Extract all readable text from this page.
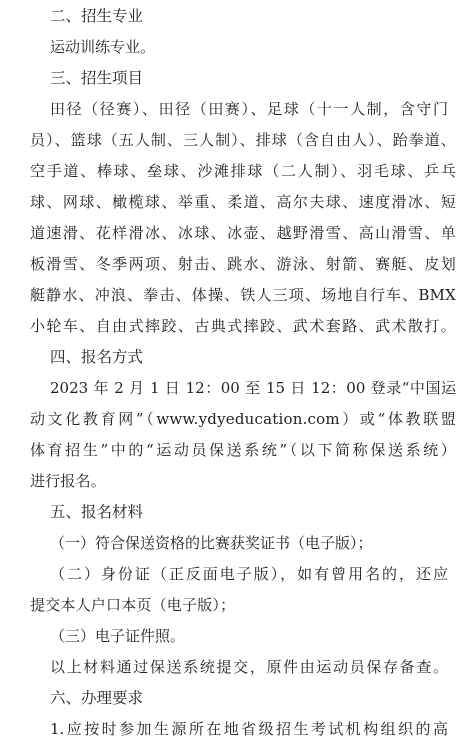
二、招生专业
运动训练专业。
三、招生项目
田径（径赛）、田径（田赛）、足球（十一人制，含守门
员）、篮球（五人制、三人制）、排球（含自由人）、跆拳道、
空手道、棒球、垒球、沙滩排球（二人制）、羽毛球、乒乓
球、网球、橄榄球、举重、柔道、高尔夫球、速度滑冰、短
道速滑、花样滑冰、冰球、冰壶、越野滑雪、高山滑雪、单
板滑雪、冬季两项、射击、跳水、游泳、射箭、赛艇、皮划
艇静水、冲浪、拳击、体操、铁人三项、场地自行车、BMX
小轮车、自由式摔跤、古典式摔跤、武术套路、武术散打。
四、报名方式
2023 年 2 月 1 日 12：00 至 15 日 12：00 登录“中国运
动文化教育网”（www.ydyeducation.com）或“体教联盟
体育招生”中的“运动员保送系统”（以下简称保送系统）
进行报名。
五、报名材料
（一）符合保送资格的比赛获奖证书（电子版）；
（二）身份证（正反面电子版），如有曾用名的，还应
提交本人户口本页（电子版）；
（三）电子证件照。
以上材料通过保送系统提交，原件由运动员保存备查。
六、办理要求
1.应按时参加生源所在地省级招生考试机构组织的高
